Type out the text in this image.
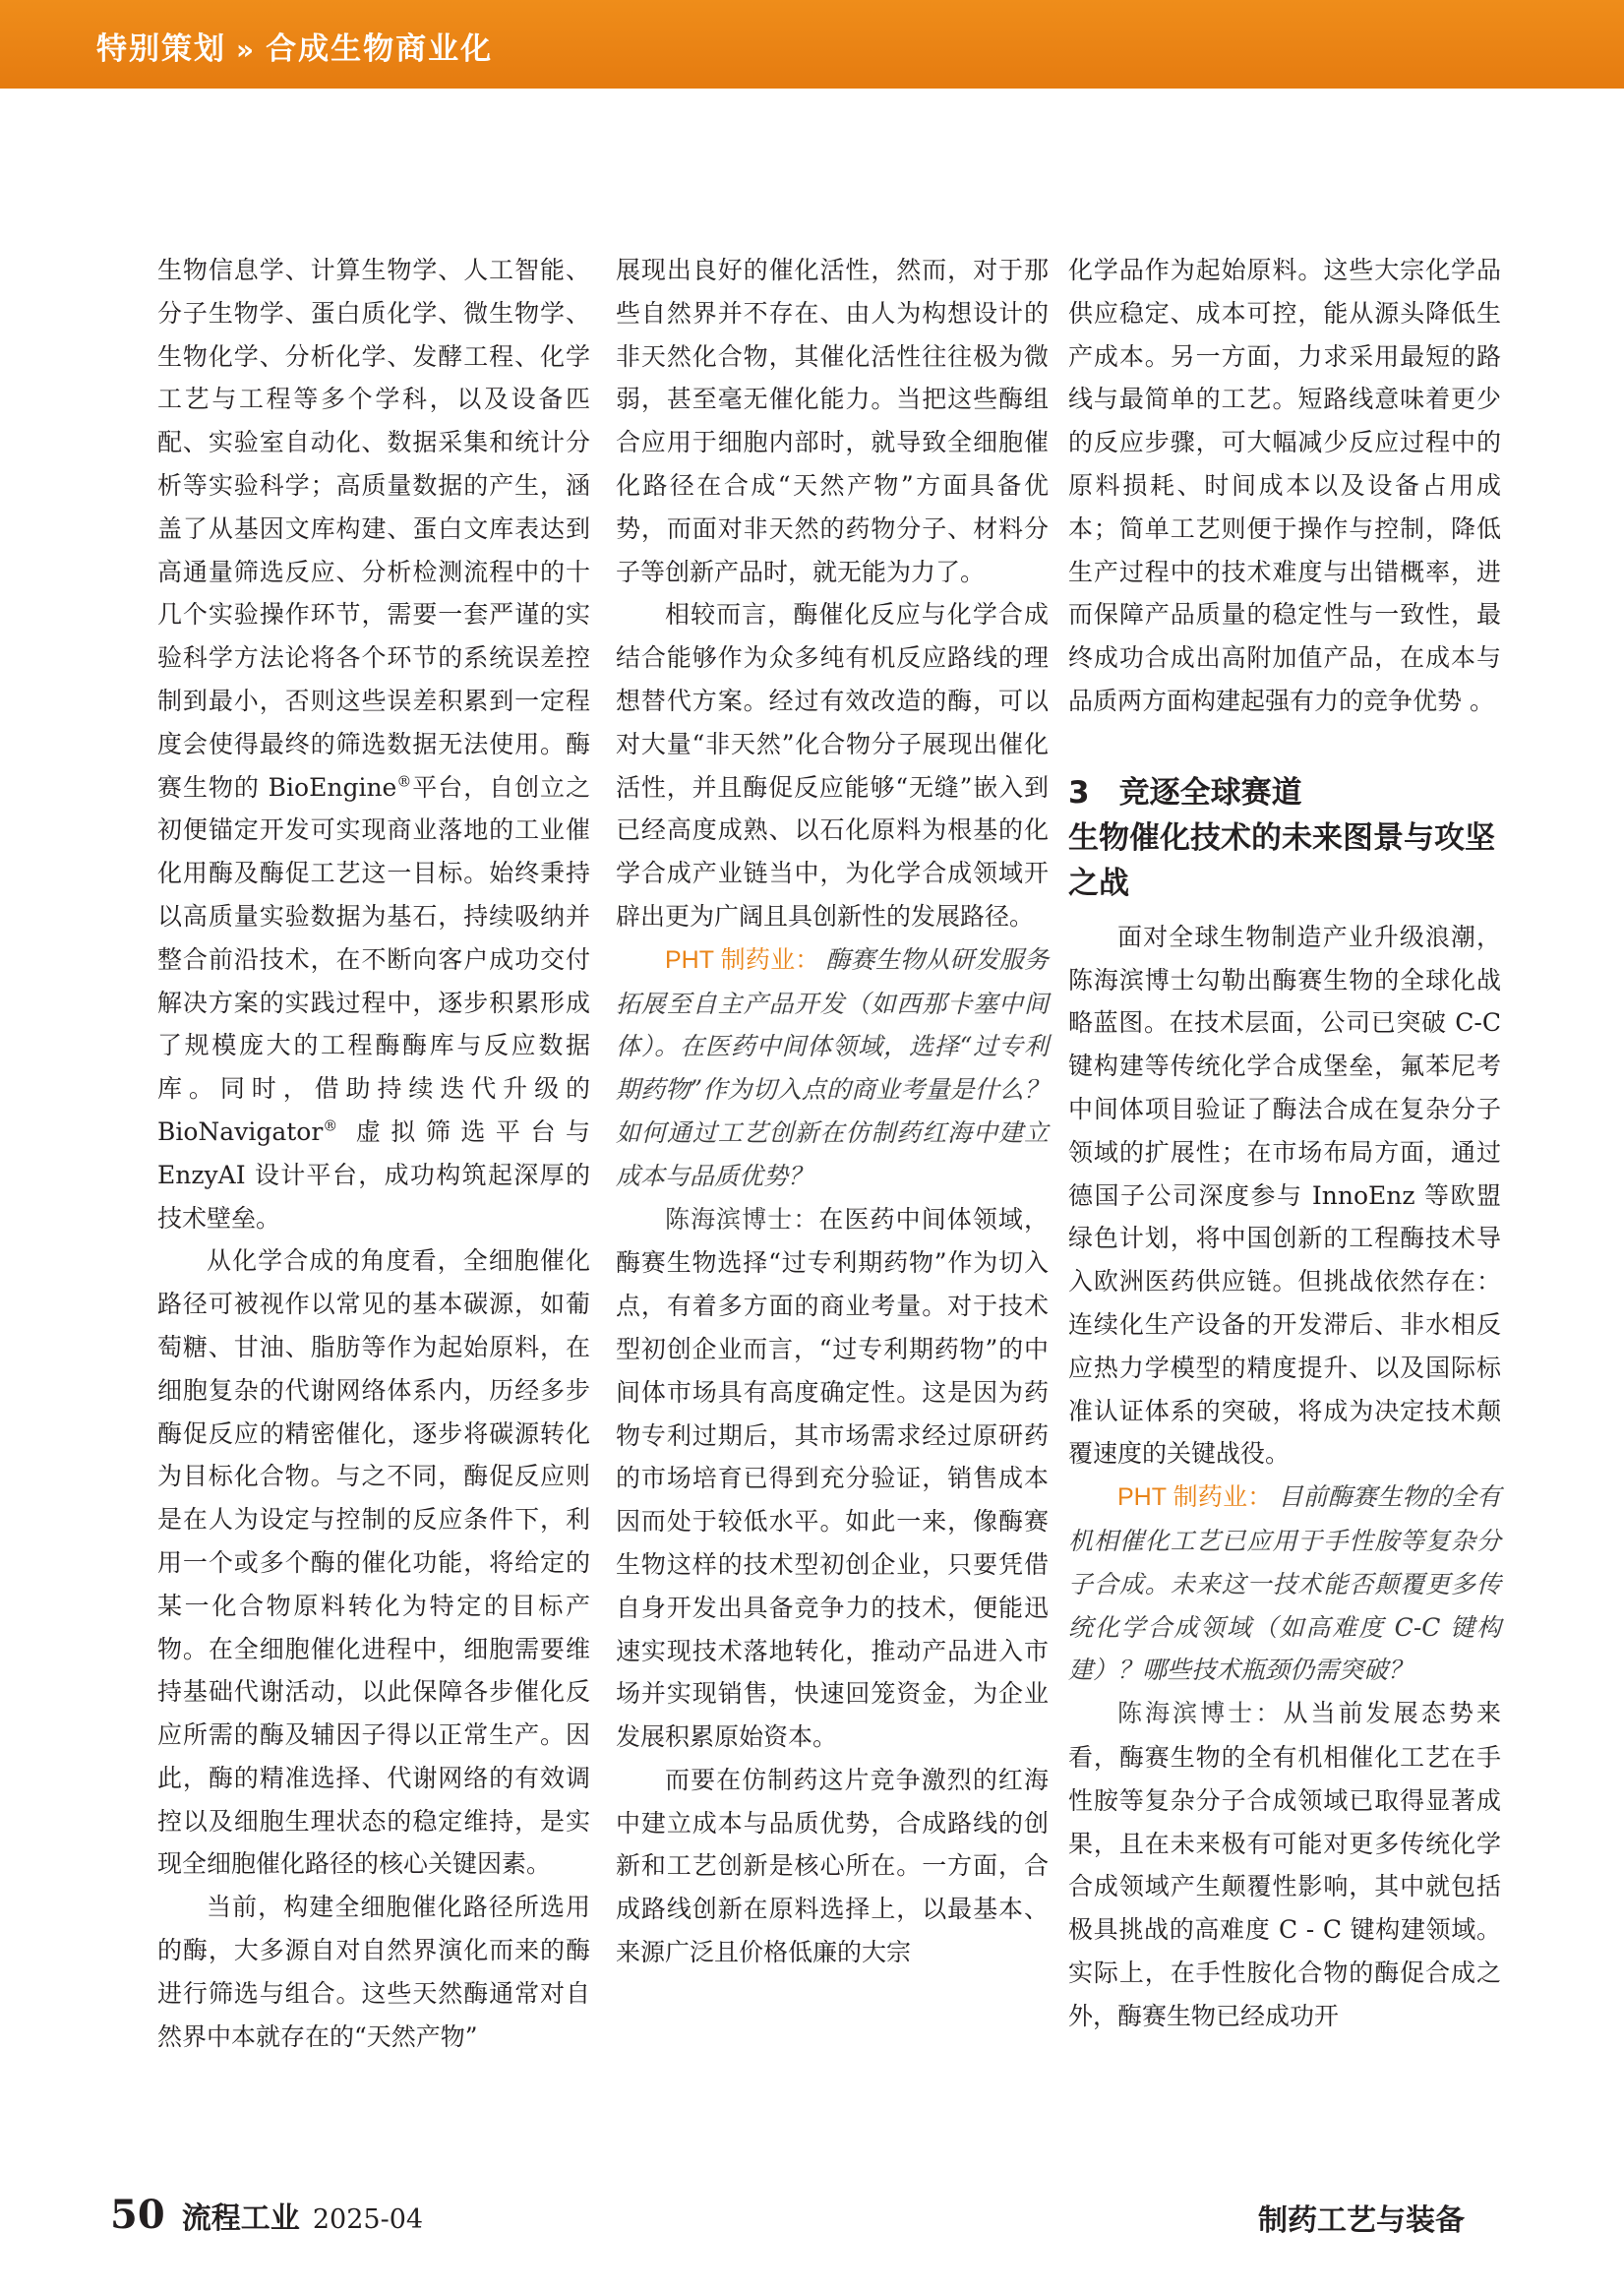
特别策划 » 合成生物商业化

生物信息学、计算生物学、人工智能、分子生物学、蛋白质化学、微生物学、生物化学、分析化学、发酵工程、化学工艺与工程等多个学科，以及设备匹配、实验室自动化、数据采集和统计分析等实验科学；高质量数据的产生，涵盖了从基因文库构建、蛋白文库表达到高通量筛选反应、分析检测流程中的十几个实验操作环节，需要一套严谨的实验科学方法论将各个环节的系统误差控制到最小，否则这些误差积累到一定程度会使得最终的筛选数据无法使用。酶赛生物的 BioEngine®平台，自创立之初便锚定开发可实现商业落地的工业催化用酶及酶促工艺这一目标。始终秉持以高质量实验数据为基石，持续吸纳并整合前沿技术，在不断向客户成功交付解决方案的实践过程中，逐步积累形成了规模庞大的工程酶酶库与反应数据库。同时，借助持续迭代升级的 BioNavigator® 虚拟筛选平台与 EnzyAI 设计平台，成功构筑起深厚的技术壁垒。

从化学合成的角度看，全细胞催化路径可被视作以常见的基本碳源，如葡萄糖、甘油、脂肪等作为起始原料，在细胞复杂的代谢网络体系内，历经多步酶促反应的精密催化，逐步将碳源转化为目标化合物。与之不同，酶促反应则是在人为设定与控制的反应条件下，利用一个或多个酶的催化功能，将给定的某一化合物原料转化为特定的目标产物。在全细胞催化进程中，细胞需要维持基础代谢活动，以此保障各步催化反应所需的酶及辅因子得以正常生产。因此，酶的精准选择、代谢网络的有效调控以及细胞生理状态的稳定维持，是实现全细胞催化路径的核心关键因素。

当前，构建全细胞催化路径所选用的酶，大多源自对自然界演化而来的酶进行筛选与组合。这些天然酶通常对自然界中本就存在的“天然产物”

展现出良好的催化活性，然而，对于那些自然界并不存在、由人为构想设计的非天然化合物，其催化活性往往极为微弱，甚至毫无催化能力。当把这些酶组合应用于细胞内部时，就导致全细胞催化路径在合成“天然产物”方面具备优势，而面对非天然的药物分子、材料分子等创新产品时，就无能为力了。

相较而言，酶催化反应与化学合成结合能够作为众多纯有机反应路线的理想替代方案。经过有效改造的酶，可以对大量“非天然”化合物分子展现出催化活性，并且酶促反应能够“无缝”嵌入到已经高度成熟、以石化原料为根基的化学合成产业链当中，为化学合成领域开辟出更为广阔且具创新性的发展路径。

PHT 制药业： 酶赛生物从研发服务拓展至自主产品开发（如西那卡塞中间体）。在医药中间体领域，选择“过专利期药物”作为切入点的商业考量是什么？如何通过工艺创新在仿制药红海中建立成本与品质优势？

陈海滨博士：在医药中间体领域，酶赛生物选择“过专利期药物”作为切入点，有着多方面的商业考量。对于技术型初创企业而言，“过专利期药物”的中间体市场具有高度确定性。这是因为药物专利过期后，其市场需求经过原研药的市场培育已得到充分验证，销售成本因而处于较低水平。如此一来，像酶赛生物这样的技术型初创企业，只要凭借自身开发出具备竞争力的技术，便能迅速实现技术落地转化，推动产品进入市场并实现销售，快速回笼资金，为企业发展积累原始资本。

而要在仿制药这片竞争激烈的红海中建立成本与品质优势，合成路线的创新和工艺创新是核心所在。一方面，合成路线创新在原料选择上，以最基本、来源广泛且价格低廉的大宗

化学品作为起始原料。这些大宗化学品供应稳定、成本可控，能从源头降低生产成本。另一方面，力求采用最短的路线与最简单的工艺。短路线意味着更少的反应步骤，可大幅减少反应过程中的原料损耗、时间成本以及设备占用成本；简单工艺则便于操作与控制，降低生产过程中的技术难度与出错概率，进而保障产品质量的稳定性与一致性，最终成功合成出高附加值产品，在成本与品质两方面构建起强有力的竞争优势 。

3 竞逐全球赛道
生物催化技术的未来图景与攻坚之战

面对全球生物制造产业升级浪潮，陈海滨博士勾勒出酶赛生物的全球化战略蓝图。在技术层面，公司已突破 C-C 键构建等传统化学合成堡垒，氟苯尼考中间体项目验证了酶法合成在复杂分子领域的扩展性；在市场布局方面，通过德国子公司深度参与 InnoEnz 等欧盟绿色计划，将中国创新的工程酶技术导入欧洲医药供应链。但挑战依然存在：连续化生产设备的开发滞后、非水相反应热力学模型的精度提升、以及国际标准认证体系的突破，将成为决定技术颠覆速度的关键战役。

PHT 制药业： 目前酶赛生物的全有机相催化工艺已应用于手性胺等复杂分子合成。未来这一技术能否颠覆更多传统化学合成领域（如高难度 C-C 键构建）？哪些技术瓶颈仍需突破？

陈海滨博士：从当前发展态势来看，酶赛生物的全有机相催化工艺在手性胺等复杂分子合成领域已取得显著成果，且在未来极有可能对更多传统化学合成领域产生颠覆性影响，其中就包括极具挑战的高难度 C - C 键构建领域。实际上，在手性胺化合物的酶促合成之外，酶赛生物已经成功开

50 流程工业 2025-04	制药工艺与装备
